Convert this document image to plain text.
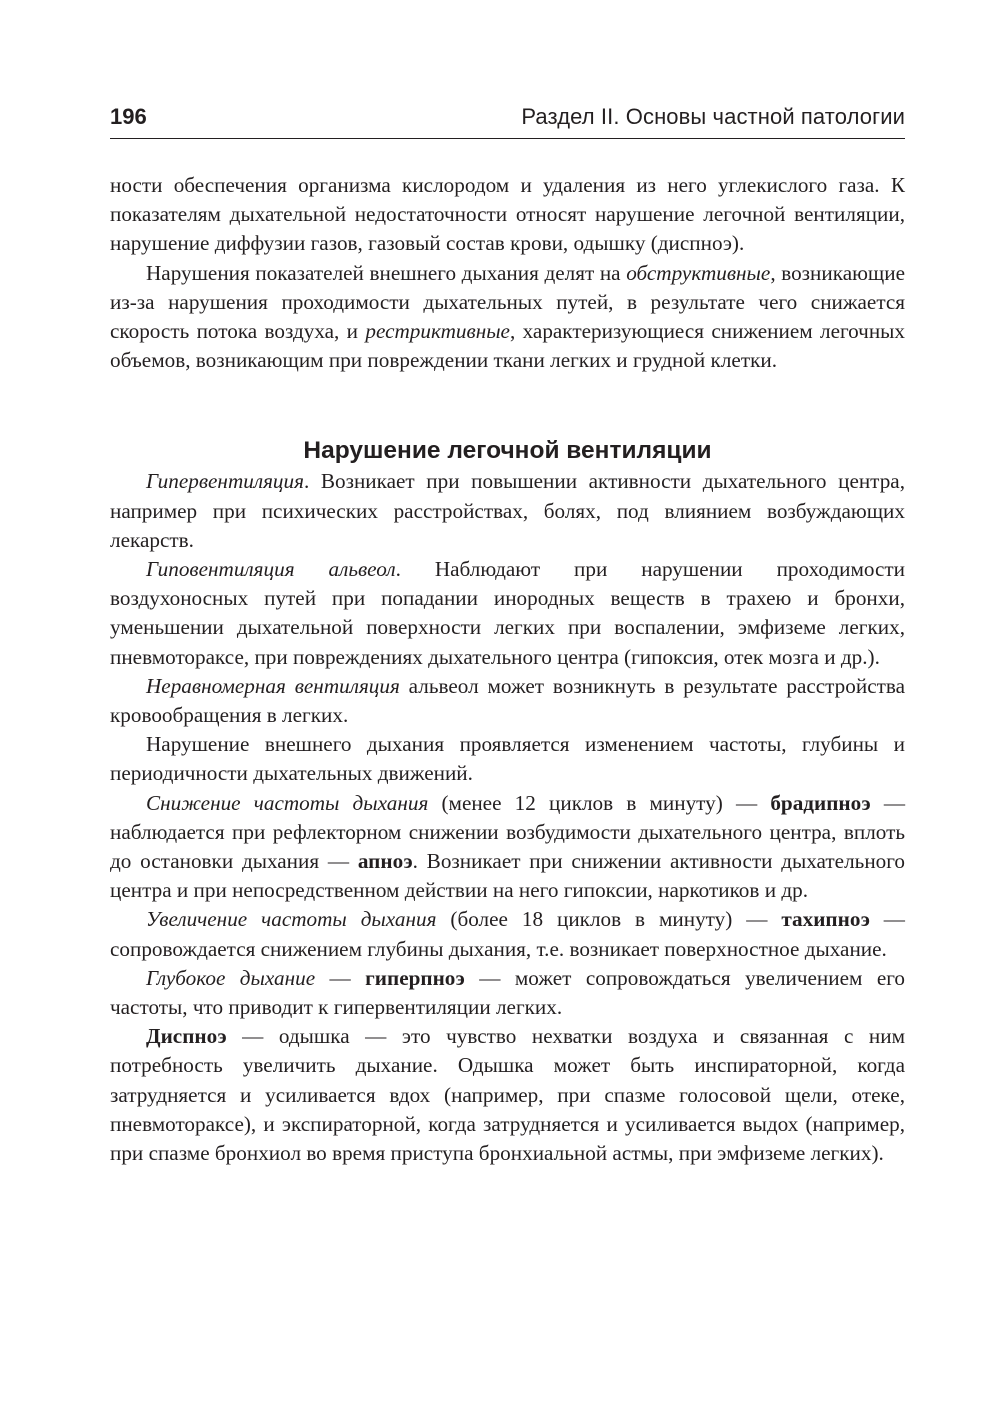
196	Раздел II. Основы частной патологии

ности обеспечения организма кислородом и удаления из него углекислого газа. К показателям дыхательной недостаточности относят нарушение легочной вентиляции, нарушение диффузии газов, газовый состав крови, одышку (диспноэ).

Нарушения показателей внешнего дыхания делят на обструктивные, возникающие из-за нарушения проходимости дыхательных путей, в результате чего снижается скорость потока воздуха, и рестриктивные, характеризующиеся снижением легочных объемов, возникающим при повреждении ткани легких и грудной клетки.

Нарушение легочной вентиляции

Гипервентиляция. Возникает при повышении активности дыхательного центра, например при психических расстройствах, болях, под влиянием возбуждающих лекарств.

Гиповентиляция альвеол. Наблюдают при нарушении проходимости воздухоносных путей при попадании инородных веществ в трахею и бронхи, уменьшении дыхательной поверхности легких при воспалении, эмфиземе легких, пневмотораксе, при повреждениях дыхательного центра (гипоксия, отек мозга и др.).

Неравномерная вентиляция альвеол может возникнуть в результате расстройства кровообращения в легких.

Нарушение внешнего дыхания проявляется изменением частоты, глубины и периодичности дыхательных движений.

Снижение частоты дыхания (менее 12 циклов в минуту) — брадипноэ — наблюдается при рефлекторном снижении возбудимости дыхательного центра, вплоть до остановки дыхания — апноэ. Возникает при снижении активности дыхательного центра и при непосредственном действии на него гипоксии, наркотиков и др.

Увеличение частоты дыхания (более 18 циклов в минуту) — тахипноэ — сопровождается снижением глубины дыхания, т.е. возникает поверхностное дыхание.

Глубокое дыхание — гиперпноэ — может сопровождаться увеличением его частоты, что приводит к гипервентиляции легких.

Диспноэ — одышка — это чувство нехватки воздуха и связанная с ним потребность увеличить дыхание. Одышка может быть инспираторной, когда затрудняется и усиливается вдох (например, при спазме голосовой щели, отеке, пневмотораксе), и экспираторной, когда затрудняется и усиливается выдох (например, при спазме бронхиол во время приступа бронхиальной астмы, при эмфиземе легких).
